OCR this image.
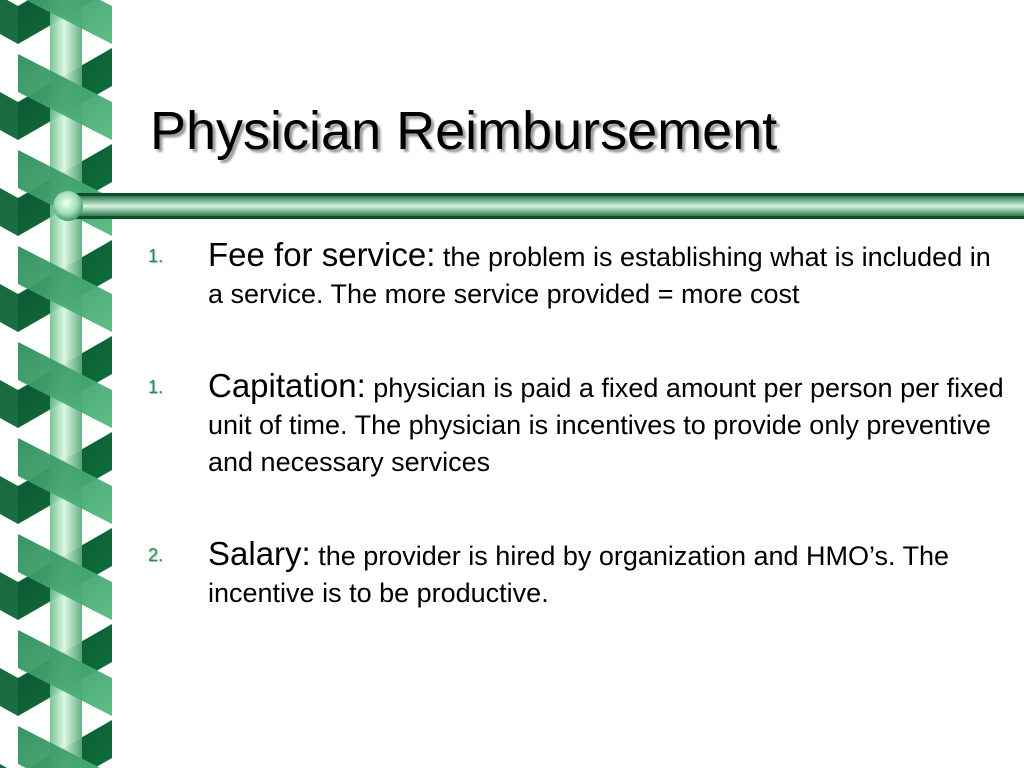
Physician Reimbursement
1. Fee for service: the problem is establishing what is included in a service. The more service provided = more cost
1. Capitation: physician is paid a fixed amount per person per fixed unit of time. The physician is incentives to provide only preventive and necessary services
2. Salary: the provider is hired by organization and HMO’s. The incentive is to be productive.
